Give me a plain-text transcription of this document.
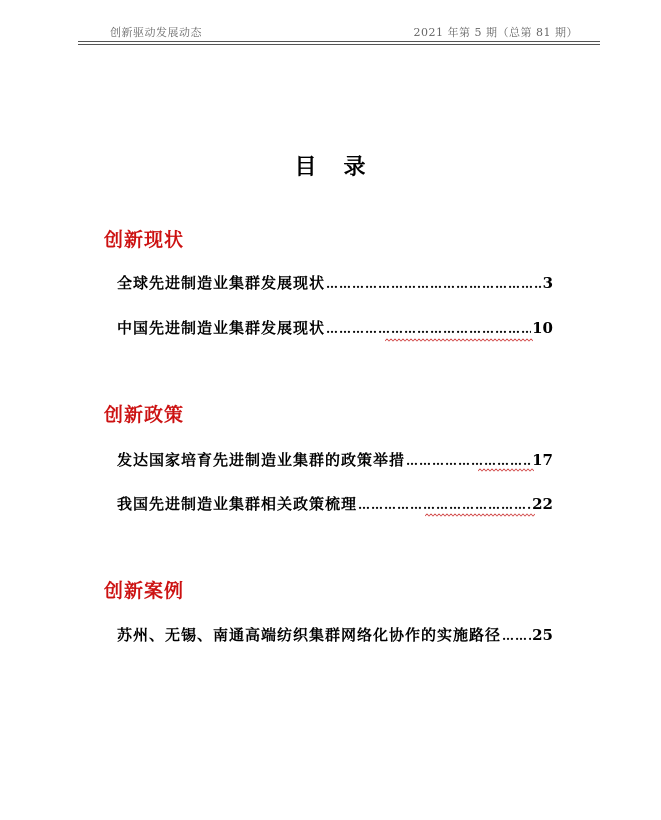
创新驱动发展动态	2021 年第 5 期（总第 81 期）
目   录
创新现状
全球先进制造业集群发展现状 ……………………………………………………………………………………………………………………	3
中国先进制造业集群发展现状 ……………………………………………………………………………………………………………………	10
创新政策
发达国家培育先进制造业集群的政策举措 ……………………………………………………………………………………………………………………	17
我国先进制造业集群相关政策梳理 ……………………………………………………………………………………………………………………	22
创新案例
苏州、无锡、南通高端纺织集群网络化协作的实施路径 …………………………………………………………………………………………………………………… 25
